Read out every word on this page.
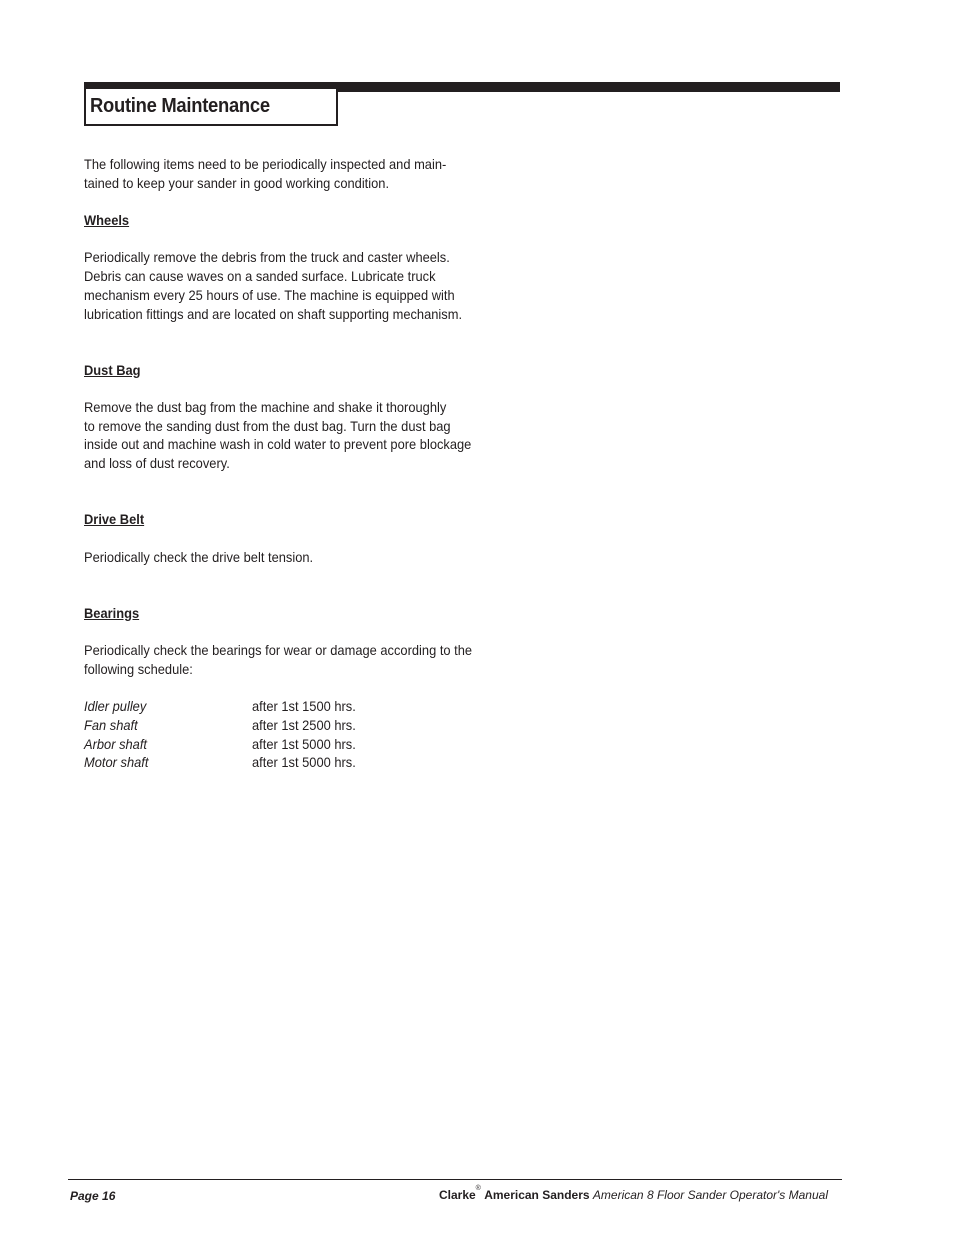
Routine Maintenance

The following items need to be periodically inspected and main-

tained to keep your sander in good working condition.

Wheels

Periodically remove the debris from the truck and caster wheels.

Debris can cause waves on a sanded surface. Lubricate truck

mechanism every 25 hours of use. The machine is equipped with

lubrication fittings and are located on shaft supporting mechanism.

Dust Bag

Remove the dust bag from the machine and shake it thoroughly

to remove the sanding dust from the dust bag. Turn the dust bag

inside out and machine wash in cold water to prevent pore blockage

and loss of dust recovery.

Drive Belt

Periodically check the drive belt tension.

Bearings

Periodically check the bearings for wear or damage according to the

following schedule:

Idler pulley	after 1st 1500 hrs.
Fan shaft	after 1st 2500 hrs.
Arbor shaft	after 1st 5000 hrs.
Motor shaft	after 1st 5000 hrs.
Page 16	Clarke® American Sanders American 8 Floor Sander Operator's Manual
